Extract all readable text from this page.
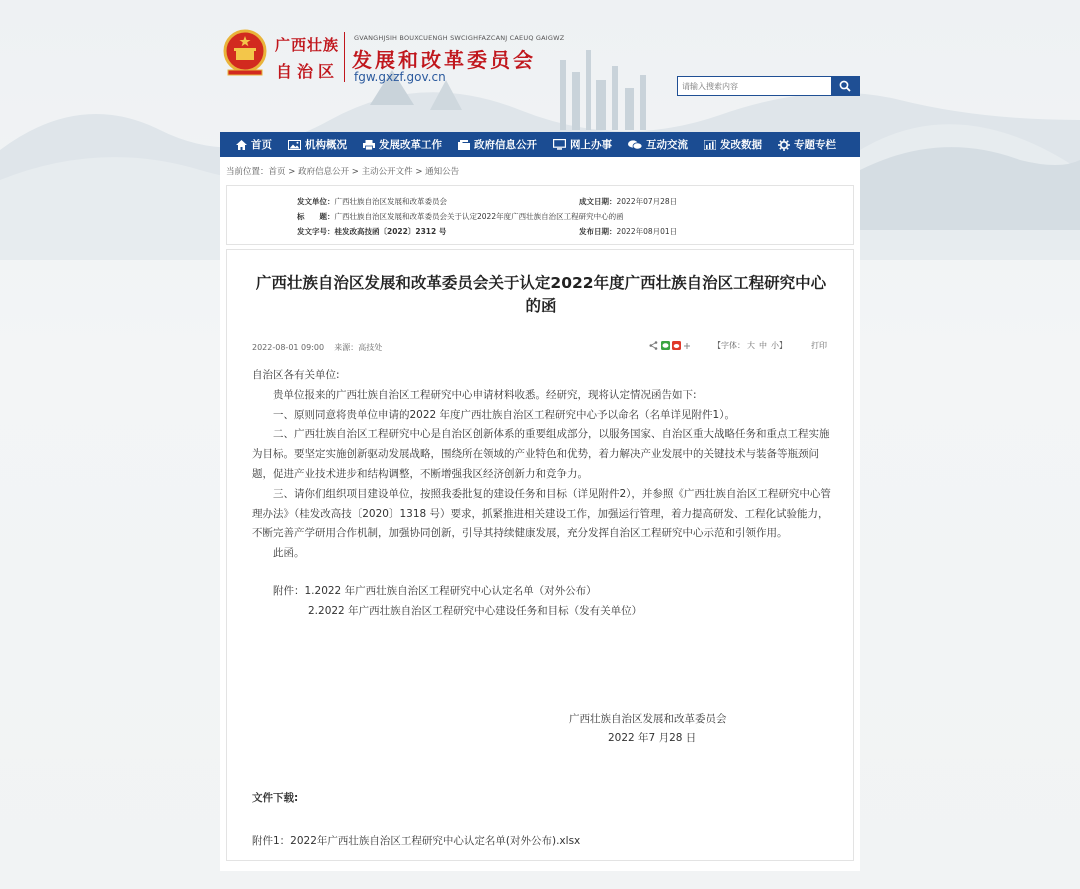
广西壮族
自治区
GVANGHJSIH BOUXCUENGH SWCIGHFAZCANJ CAEUQ GAIGWZ
发展和改革委员会
fgw.gxzf.gov.cn
请输入搜索内容
首页	机构概况	发展改革工作	政府信息公开	网上办事	互动交流	发改数据	专题专栏
当前位置：首页 > 政府信息公开 > 主动公开文件 > 通知公告
发文单位：广西壮族自治区发展和改革委员会	成文日期：2022年07月28日
标　　题：广西壮族自治区发展和改革委员会关于认定2022年度广西壮族自治区工程研究中心的函
发文字号：桂发改高技函〔2022〕2312 号	发布日期：2022年08月01日
广西壮族自治区发展和改革委员会关于认定2022年度广西壮族自治区工程研究中心
的函
2022-08-01 09:00 来源：高技处	【字体： 大 中 小】	打印

自治区各有关单位:

贵单位报来的广西壮族自治区工程研究中心申请材料收悉。经研究，现将认定情况函告如下:

一、原则同意将贵单位申请的2022 年度广西壮族自治区工程研究中心予以命名（名单详见附件1）。

二、广西壮族自治区工程研究中心是自治区创新体系的重要组成部分，以服务国家、自治区重大战略任务和重点工程实施为目标。要坚定实施创新驱动发展战略，围绕所在领域的产业特色和优势，着力解决产业发展中的关键技术与装备等瓶颈问题，促进产业技术进步和结构调整，不断增强我区经济创新力和竞争力。

三、请你们组织项目建设单位，按照我委批复的建设任务和目标（详见附件2），并参照《广西壮族自治区工程研究中心管理办法》（桂发改高技〔2020〕1318 号）要求，抓紧推进相关建设工作，加强运行管理，着力提高研发、工程化试验能力，不断完善产学研用合作机制，加强协同创新，引导其持续健康发展，充分发挥自治区工程研究中心示范和引领作用。

此函。

附件：1.2022 年广西壮族自治区工程研究中心认定名单（对外公布）

2.2022 年广西壮族自治区工程研究中心建设任务和目标（发有关单位）

广西壮族自治区发展和改革委员会
2022 年7 月28 日
文件下载:
附件1：2022年广西壮族自治区工程研究中心认定名单(对外公布).xlsx
